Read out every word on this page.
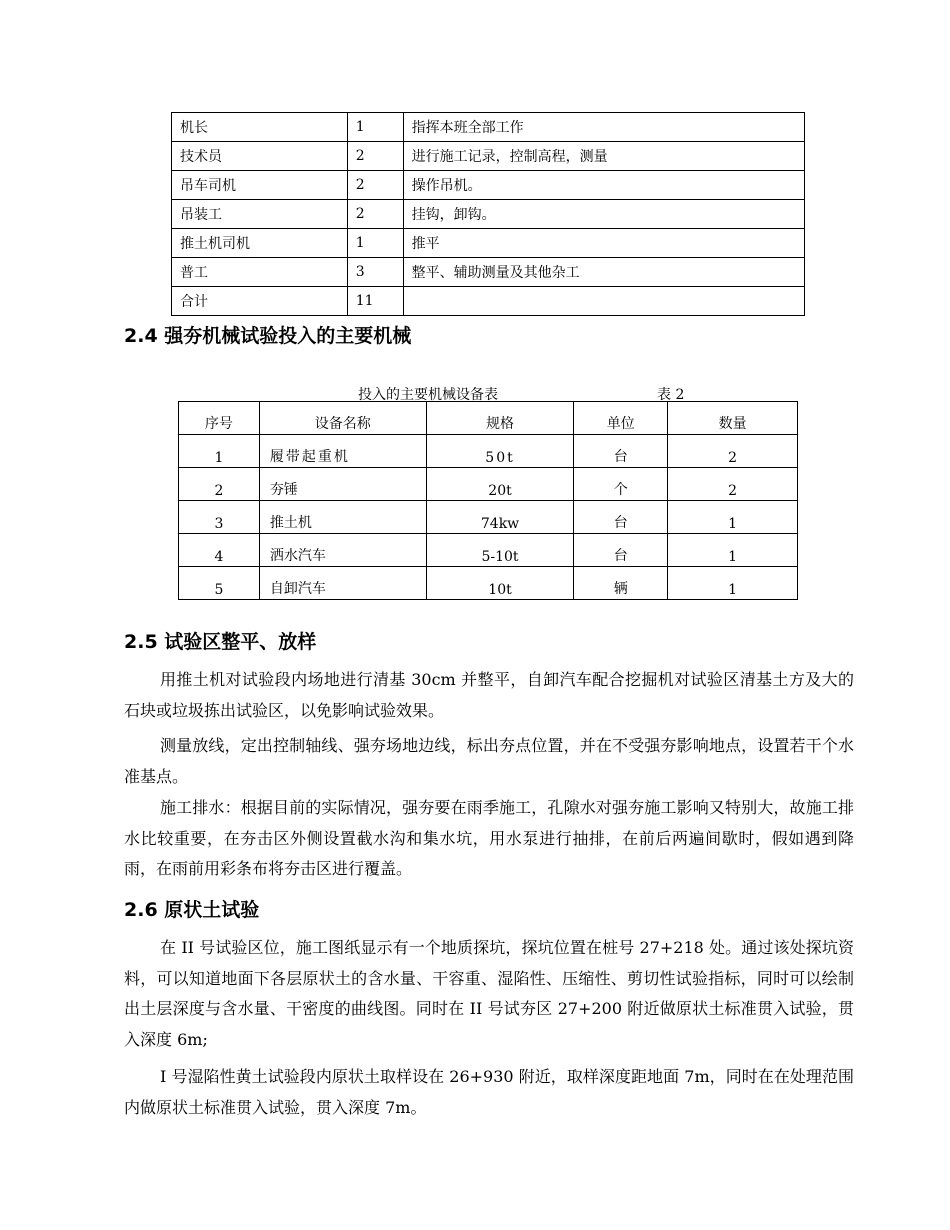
机长	1	指挥本班全部工作
技术员	2	进行施工记录，控制高程，测量
吊车司机	2	操作吊机。
吊装工	2	挂钩，卸钩。
推土机司机	1	推平
普工	3	整平、辅助测量及其他杂工
合计	11	
2.4 强夯机械试验投入的主要机械
投入的主要机械设备表	表 2
序号	设备名称	规格	单位	数量
1	履带起重机	50t	台	2
2	夯锤	20t	个	2
3	推土机	74kw	台	1
4	洒水汽车	5-10t	台	1
5	自卸汽车	10t	辆	1
2.5 试验区整平、放样

用推土机对试验段内场地进行清基 30cm 并整平，自卸汽车配合挖掘机对试验区清基土方及大的石块或垃圾拣出试验区，以免影响试验效果。

测量放线，定出控制轴线、强夯场地边线，标出夯点位置，并在不受强夯影响地点，设置若干个水准基点。

施工排水：根据目前的实际情况，强夯要在雨季施工，孔隙水对强夯施工影响又特别大，故施工排水比较重要，在夯击区外侧设置截水沟和集水坑，用水泵进行抽排，在前后两遍间歇时，假如遇到降雨，在雨前用彩条布将夯击区进行覆盖。

2.6 原状土试验

在 II 号试验区位，施工图纸显示有一个地质探坑，探坑位置在桩号 27+218 处。通过该处探坑资料，可以知道地面下各层原状土的含水量、干容重、湿陷性、压缩性、剪切性试验指标，同时可以绘制出土层深度与含水量、干密度的曲线图。同时在 II 号试夯区 27+200 附近做原状土标准贯入试验，贯入深度 6m;

I 号湿陷性黄土试验段内原状土取样设在 26+930 附近，取样深度距地面 7m，同时在在处理范围内做原状土标准贯入试验，贯入深度 7m。
